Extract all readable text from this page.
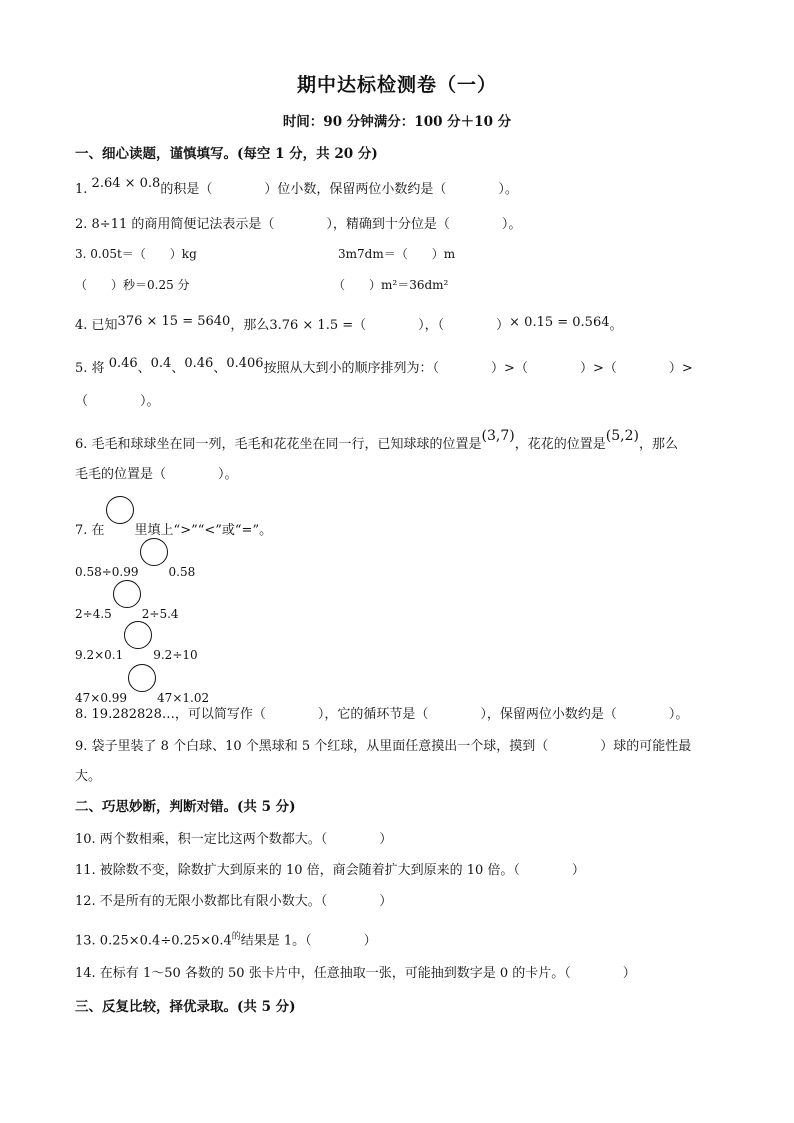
期中达标检测卷（一）
时间：90 分钟满分：100 分＋10 分
一、细心读题，谨慎填写。(每空 1 分，共 20 分)
1. 2.64 × 0.8的积是（　　　　）位小数，保留两位小数约是（　　　　）。
2. 8÷11 的商用简便记法表示是（　　　　），精确到十分位是（　　　　）。
3. 0.05t＝（　　）kg	3m7dm＝（　　）m
（　　）秒＝0.25 分	（　　）m²＝36dm²
4. 已知376 × 15 = 5640，那么3.76 × 1.5 =（　　　　），（　　　　）× 0.15 = 0.564。
5. 将 0.46、0.4、0.4̇6̇、0.406按照从大到小的顺序排列为：（　　　　）>（　　　　）>（　　　　）>
（　　　　）。
6. 毛毛和球球坐在同一列，毛毛和花花坐在同一行，已知球球的位置是(3,7)，花花的位置是(5,2)，那么
毛毛的位置是（　　　　）。
7. 在 里填上“>”“<”或“=”。
0.58÷0.99	0.58
2÷4.5	2÷5.4
9.2×0.1	9.2÷10
47×0.99	47×1.02
8. 19.282828…，可以简写作（　　　　），它的循环节是（　　　　），保留两位小数约是（　　　　）。
9. 袋子里装了 8 个白球、10 个黑球和 5 个红球，从里面任意摸出一个球，摸到（　　　　）球的可能性最
大。
二、巧思妙断，判断对错。(共 5 分)
10. 两个数相乘，积一定比这两个数都大。（　　　　）
11. 被除数不变，除数扩大到原来的 10 倍，商会随着扩大到原来的 10 倍。（　　　　）
12. 不是所有的无限小数都比有限小数大。（　　　　）
13. $0.25\times 0.4\div 0.25\times 0.4^的$结果是 1。（　　　　）
14. 在标有 1～50 各数的 50 张卡片中，任意抽取一张，可能抽到数字是 0 的卡片。（　　　　）
三、反复比较，择优录取。(共 5 分)
